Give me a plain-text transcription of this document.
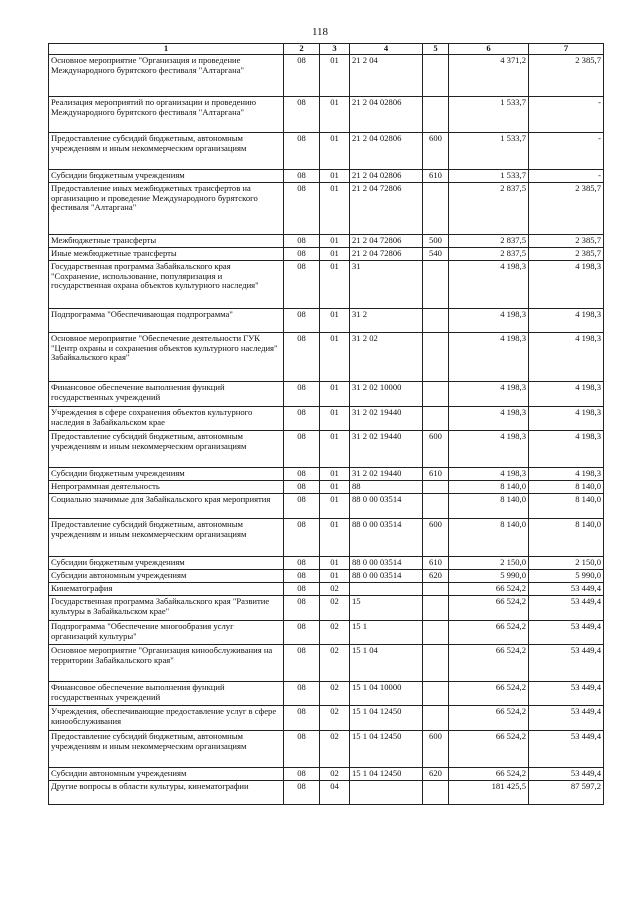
118
1	2	3	4	5	6	7
Основное мероприятие "Организация и проведение Международного бурятского фестиваля "Алтаргана"	08	01	21 2 04		4 371,2	2 385,7
Реализация мероприятий по организации и проведению Международного бурятского фестиваля "Алтаргана"	08	01	21 2 04 02806		1 533,7	-
Предоставление субсидий бюджетным, автономным учреждениям и иным некоммерческим организациям	08	01	21 2 04 02806	600	1 533,7	-
Субсидии бюджетным учреждениям	08	01	21 2 04 02806	610	1 533,7	-
Предоставление иных межбюджетных трансфертов на организацию и проведение Международного бурятского фестиваля "Алтаргана"	08	01	21 2 04 72806		2 837,5	2 385,7
Межбюджетные трансферты	08	01	21 2 04 72806	500	2 837,5	2 385,7
Иные межбюджетные трансферты	08	01	21 2 04 72806	540	2 837,5	2 385,7
Государственная программа Забайкальского края "Сохранение, использование, популяризация и государственная охрана объектов культурного наследия"	08	01	31		4 198,3	4 198,3
Подпрограмма "Обеспечивающая подпрограмма"	08	01	31 2		4 198,3	4 198,3
Основное мероприятие "Обеспечение деятельности ГУК "Центр охраны и сохранения объектов культурного наследия" Забайкальского края"	08	01	31 2 02		4 198,3	4 198,3
Финансовое обеспечение выполнения функций государственных учреждений	08	01	31 2 02 10000		4 198,3	4 198,3
Учреждения в сфере сохранения объектов культурного наследия в Забайкальском крае	08	01	31 2 02 19440		4 198,3	4 198,3
Предоставление субсидий бюджетным, автономным учреждениям и иным некоммерческим организациям	08	01	31 2 02 19440	600	4 198,3	4 198,3
Субсидии бюджетным учреждениям	08	01	31 2 02 19440	610	4 198,3	4 198,3
Непрограммная деятельность	08	01	88		8 140,0	8 140,0
Социально значимые для Забайкальского края мероприятия	08	01	88 0 00 03514		8 140,0	8 140,0
Предоставление субсидий бюджетным, автономным учреждениям и иным некоммерческим организациям	08	01	88 0 00 03514	600	8 140,0	8 140,0
Субсидии бюджетным учреждениям	08	01	88 0 00 03514	610	2 150,0	2 150,0
Субсидии автономным учреждениям	08	01	88 0 00 03514	620	5 990,0	5 990,0
Кинематография	08	02			66 524,2	53 449,4
Государственная программа Забайкальского края "Развитие культуры в Забайкальском крае"	08	02	15		66 524,2	53 449,4
Подпрограмма "Обеспечение многообразия услуг организаций культуры"	08	02	15 1		66 524,2	53 449,4
Основное мероприятие "Организация кинообслуживания на территории Забайкальского края"	08	02	15 1 04		66 524,2	53 449,4
Финансовое обеспечение выполнения функций государственных учреждений	08	02	15 1 04 10000		66 524,2	53 449,4
Учреждения, обеспечивающие предоставление услуг в сфере кинообслуживания	08	02	15 1 04 12450		66 524,2	53 449,4
Предоставление субсидий бюджетным, автономным учреждениям и иным некоммерческим организациям	08	02	15 1 04 12450	600	66 524,2	53 449,4
Субсидии автономным учреждениям	08	02	15 1 04 12450	620	66 524,2	53 449,4
Другие вопросы в области культуры, кинематографии	08	04			181 425,5	87 597,2
